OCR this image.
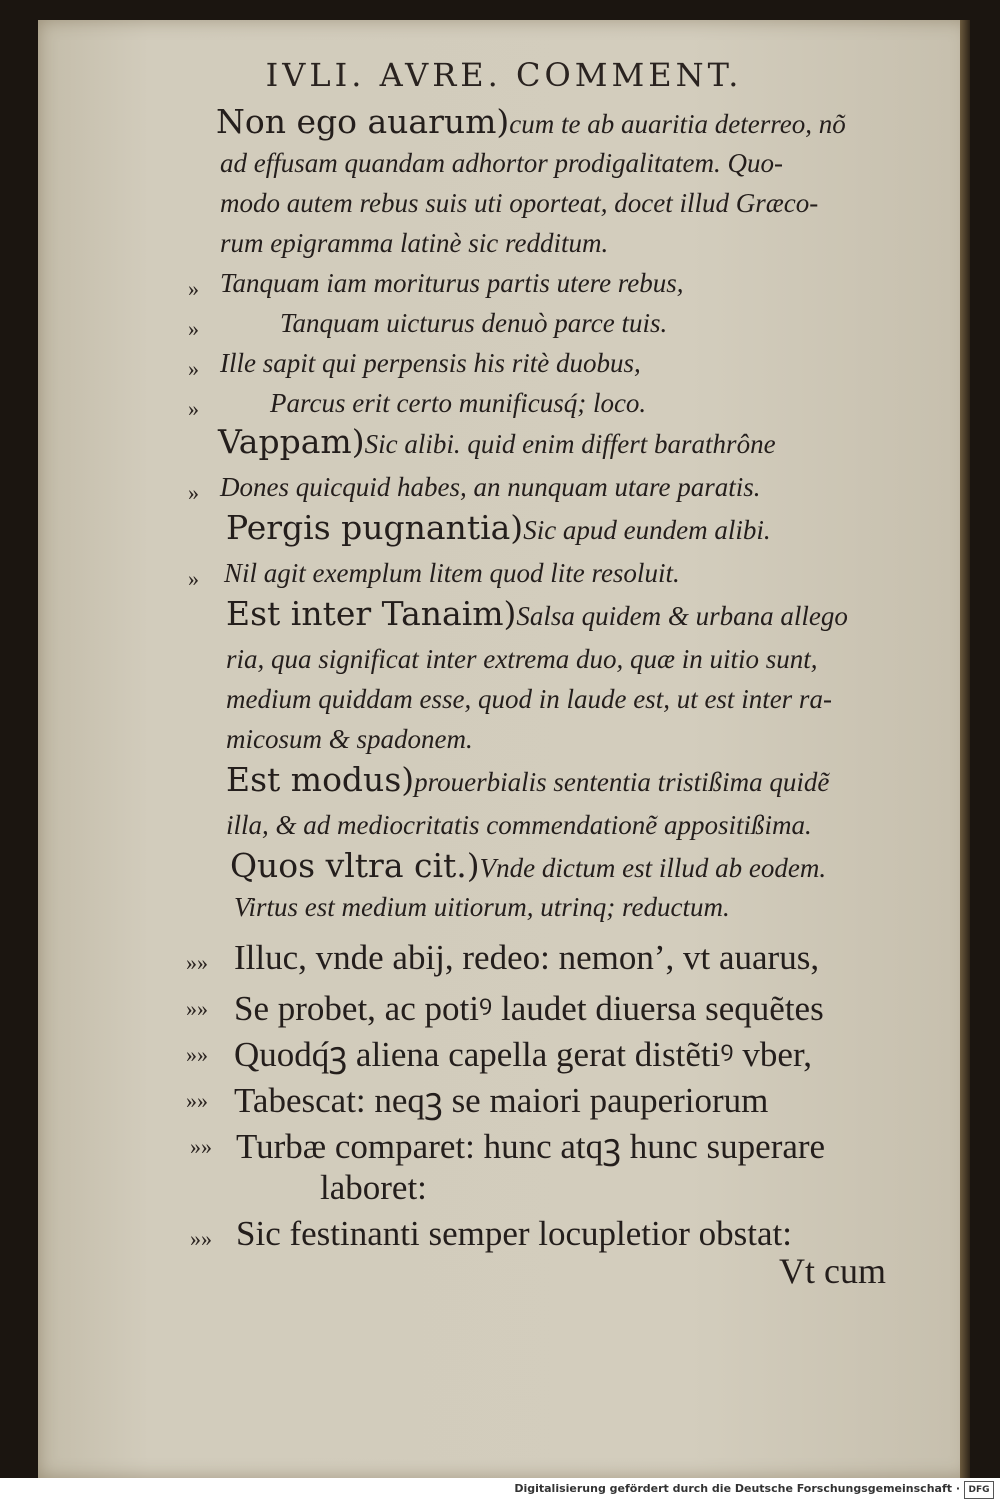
IVLI. AVRE. COMMENT.
Non ego auarum)cum te ab auaritia deterreo, nõ
ad effusam quandam adhortor prodigalitatem. Quo-
modo autem rebus suis uti oporteat, docet illud Græco-
rum epigramma latinè sic redditum.
» Tanquam iam moriturus partis utere rebus,
»	Tanquam uicturus denuò parce tuis.
» Ille sapit qui perpensis his ritè duobus,
»	Parcus erit certo munificusq́; loco.
Vappam)Sic alibi. quid enim differt barathrône
» Dones quicquid habes, an nunquam utare paratis.
Pergis pugnantia)Sic apud eundem alibi.
» Nil agit exemplum litem quod lite resoluit.
Est inter Tanaim)Salsa quidem & urbana allego
ria, qua significat inter extrema duo, quæ in uitio sunt,
medium quiddam esse, quod in laude est, ut est inter ra-
micosum & spadonem.
Est modus)prouerbialis sententia tristißima quidẽ
illa, & ad mediocritatis commendationẽ appositißima.
Quos vltra cit.)Vnde dictum est illud ab eodem.
Virtus est medium uitiorum, utrinq; reductum.
»» Illuc, vnde abij, redeo: nemon’, vt auarus,
»» Se probet, ac potiꝰ laudet diuersa sequẽtes
»» Quodq́ꝫ aliena capella gerat distẽtiꝰ vber,
»» Tabescat: neqꝫ se maiori pauperiorum
»» Turbæ comparet: hunc atqꝫ hunc superare
laboret:
»» Sic festinanti semper locupletior obstat:
Vt cum
Digitalisierung gefördert durch die Deutsche Forschungsgemeinschaft · DFG
